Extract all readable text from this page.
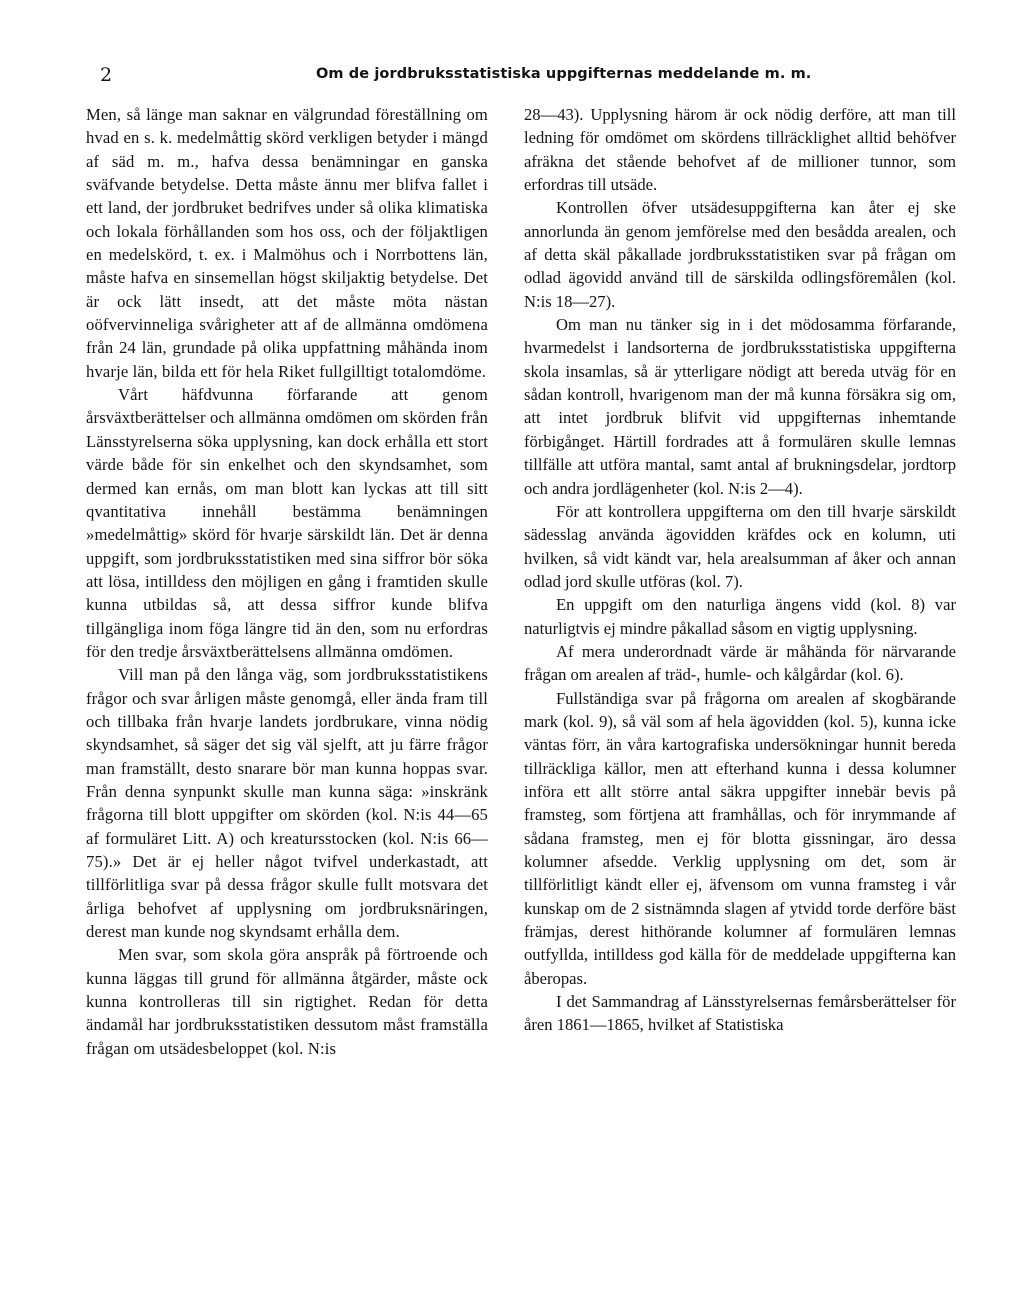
2	Om de jordbruksstatistiska uppgifternas meddelande m. m.

Men, så länge man saknar en välgrundad föreställning om hvad en s. k. medelmåttig skörd verkligen betyder i mängd af säd m. m., hafva dessa benämningar en ganska sväfvande betydelse. Detta måste ännu mer blifva fallet i ett land, der jordbruket bedrifves under så olika klimatiska och lokala förhållanden som hos oss, och der följaktligen en medelskörd, t. ex. i Malmöhus och i Norrbottens län, måste hafva en sinsemellan högst skiljaktig betydelse. Det är ock lätt insedt, att det måste möta nästan oöfvervinneliga svårigheter att af de allmänna omdömena från 24 län, grundade på olika uppfattning måhända inom hvarje län, bilda ett för hela Riket fullgilltigt totalomdöme.

Vårt häfdvunna förfarande att genom årsväxtberättelser och allmänna omdömen om skörden från Länsstyrelserna söka upplysning, kan dock erhålla ett stort värde både för sin enkelhet och den skyndsamhet, som dermed kan ernås, om man blott kan lyckas att till sitt qvantitativa innehåll bestämma benämningen »medelmåttig» skörd för hvarje särskildt län. Det är denna uppgift, som jordbruksstatistiken med sina siffror bör söka att lösa, intilldess den möjligen en gång i framtiden skulle kunna utbildas så, att dessa siffror kunde blifva tillgängliga inom föga längre tid än den, som nu erfordras för den tredje årsväxtberättelsens allmänna omdömen.

Vill man på den långa väg, som jordbruksstatistikens frågor och svar årligen måste genomgå, eller ända fram till och tillbaka från hvarje landets jordbrukare, vinna nödig skyndsamhet, så säger det sig väl sjelft, att ju färre frågor man framställt, desto snarare bör man kunna hoppas svar. Från denna synpunkt skulle man kunna säga: »inskränk frågorna till blott uppgifter om skörden (kol. N:is 44—65 af formuläret Litt. A) och kreatursstocken (kol. N:is 66—75).» Det är ej heller något tvifvel underkastadt, att tillförlitliga svar på dessa frågor skulle fullt motsvara det årliga behofvet af upplysning om jordbruksnäringen, derest man kunde nog skyndsamt erhålla dem.

Men svar, som skola göra anspråk på förtroende och kunna läggas till grund för allmänna åtgärder, måste ock kunna kontrolleras till sin rigtighet. Redan för detta ändamål har jordbruksstatistiken dessutom måst framställa frågan om utsädesbeloppet (kol. N:is

28—43). Upplysning härom är ock nödig derföre, att man till ledning för omdömet om skördens tillräcklighet alltid behöfver afräkna det stående behofvet af de millioner tunnor, som erfordras till utsäde.

Kontrollen öfver utsädesuppgifterna kan åter ej ske annorlunda än genom jemförelse med den besådda arealen, och af detta skäl påkallade jordbruksstatistiken svar på frågan om odlad ägovidd använd till de särskilda odlingsföremålen (kol. N:is 18—27).

Om man nu tänker sig in i det mödosamma förfarande, hvarmedelst i landsorterna de jordbruksstatistiska uppgifterna skola insamlas, så är ytterligare nödigt att bereda utväg för en sådan kontroll, hvarigenom man der må kunna försäkra sig om, att intet jordbruk blifvit vid uppgifternas inhemtande förbigånget. Härtill fordrades att å formulären skulle lemnas tillfälle att utföra mantal, samt antal af brukningsdelar, jordtorp och andra jordlägenheter (kol. N:is 2—4).

För att kontrollera uppgifterna om den till hvarje särskildt sädesslag använda ägovidden kräfdes ock en kolumn, uti hvilken, så vidt kändt var, hela arealsumman af åker och annan odlad jord skulle utföras (kol. 7).

En uppgift om den naturliga ängens vidd (kol. 8) var naturligtvis ej mindre påkallad såsom en vigtig upplysning.

Af mera underordnadt värde är måhända för närvarande frågan om arealen af träd-, humle- och kålgårdar (kol. 6).

Fullständiga svar på frågorna om arealen af skogbärande mark (kol. 9), så väl som af hela ägovidden (kol. 5), kunna icke väntas förr, än våra kartografiska undersökningar hunnit bereda tillräckliga källor, men att efterhand kunna i dessa kolumner införa ett allt större antal säkra uppgifter innebär bevis på framsteg, som förtjena att framhållas, och för inrymmande af sådana framsteg, men ej för blotta gissningar, äro dessa kolumner afsedde. Verklig upplysning om det, som är tillförlitligt kändt eller ej, äfvensom om vunna framsteg i vår kunskap om de 2 sistnämnda slagen af ytvidd torde derföre bäst främjas, derest hithörande kolumner af formulären lemnas outfyllda, intilldess god källa för de meddelade uppgifterna kan åberopas.

I det Sammandrag af Länsstyrelsernas femårsberättelser för åren 1861—1865, hvilket af Statistiska
